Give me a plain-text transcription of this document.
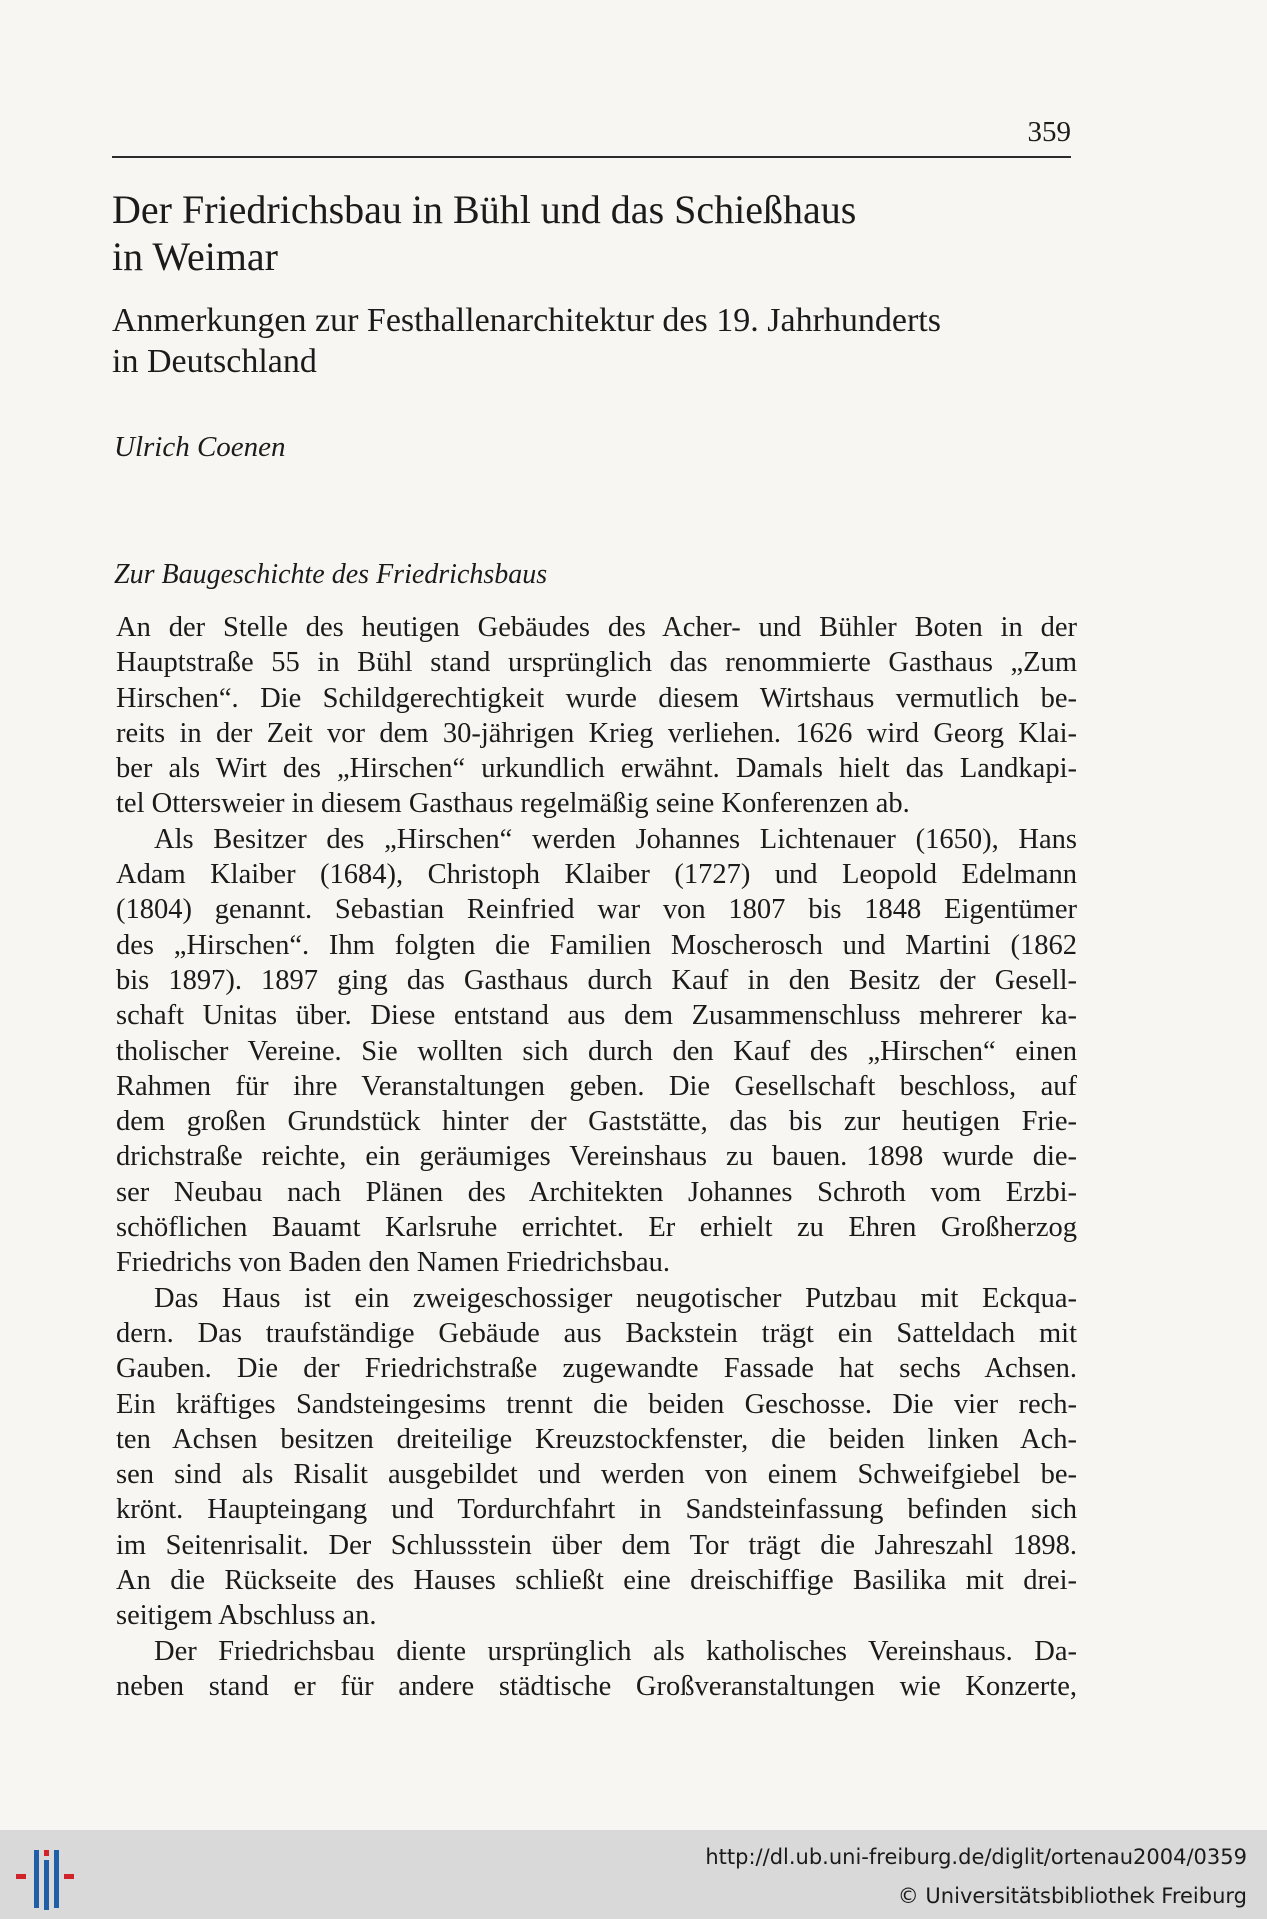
359
Der Friedrichsbau in Bühl und das Schießhaus
in Weimar
Anmerkungen zur Festhallenarchitektur des 19. Jahrhunderts
in Deutschland
Ulrich Coenen
Zur Baugeschichte des Friedrichsbaus

An der Stelle des heutigen Gebäudes des Acher- und Bühler Boten in der
Hauptstraße 55 in Bühl stand ursprünglich das renommierte Gasthaus „Zum
Hirschen“. Die Schildgerechtigkeit wurde diesem Wirtshaus vermutlich be-
reits in der Zeit vor dem 30-jährigen Krieg verliehen. 1626 wird Georg Klai-
ber als Wirt des „Hirschen“ urkundlich erwähnt. Damals hielt das Landkapi-
tel Ottersweier in diesem Gasthaus regelmäßig seine Konferenzen ab.

Als Besitzer des „Hirschen“ werden Johannes Lichtenauer (1650), Hans
Adam Klaiber (1684), Christoph Klaiber (1727) und Leopold Edelmann
(1804) genannt. Sebastian Reinfried war von 1807 bis 1848 Eigentümer
des „Hirschen“. Ihm folgten die Familien Moscherosch und Martini (1862
bis 1897). 1897 ging das Gasthaus durch Kauf in den Besitz der Gesell-
schaft Unitas über. Diese entstand aus dem Zusammenschluss mehrerer ka-
tholischer Vereine. Sie wollten sich durch den Kauf des „Hirschen“ einen
Rahmen für ihre Veranstaltungen geben. Die Gesellschaft beschloss, auf
dem großen Grundstück hinter der Gaststätte, das bis zur heutigen Frie-
drichstraße reichte, ein geräumiges Vereinshaus zu bauen. 1898 wurde die-
ser Neubau nach Plänen des Architekten Johannes Schroth vom Erzbi-
schöflichen Bauamt Karlsruhe errichtet. Er erhielt zu Ehren Großherzog
Friedrichs von Baden den Namen Friedrichsbau.

Das Haus ist ein zweigeschossiger neugotischer Putzbau mit Eckqua-
dern. Das traufständige Gebäude aus Backstein trägt ein Satteldach mit
Gauben. Die der Friedrichstraße zugewandte Fassade hat sechs Achsen.
Ein kräftiges Sandsteingesims trennt die beiden Geschosse. Die vier rech-
ten Achsen besitzen dreiteilige Kreuzstockfenster, die beiden linken Ach-
sen sind als Risalit ausgebildet und werden von einem Schweifgiebel be-
krönt. Haupteingang und Tordurchfahrt in Sandsteinfassung befinden sich
im Seitenrisalit. Der Schlussstein über dem Tor trägt die Jahreszahl 1898.
An die Rückseite des Hauses schließt eine dreischiffige Basilika mit drei-
seitigem Abschluss an.

Der Friedrichsbau diente ursprünglich als katholisches Vereinshaus. Da-
neben stand er für andere städtische Großveranstaltungen wie Konzerte,

http://dl.ub.uni-freiburg.de/diglit/ortenau2004/0359
© Universitätsbibliothek Freiburg
